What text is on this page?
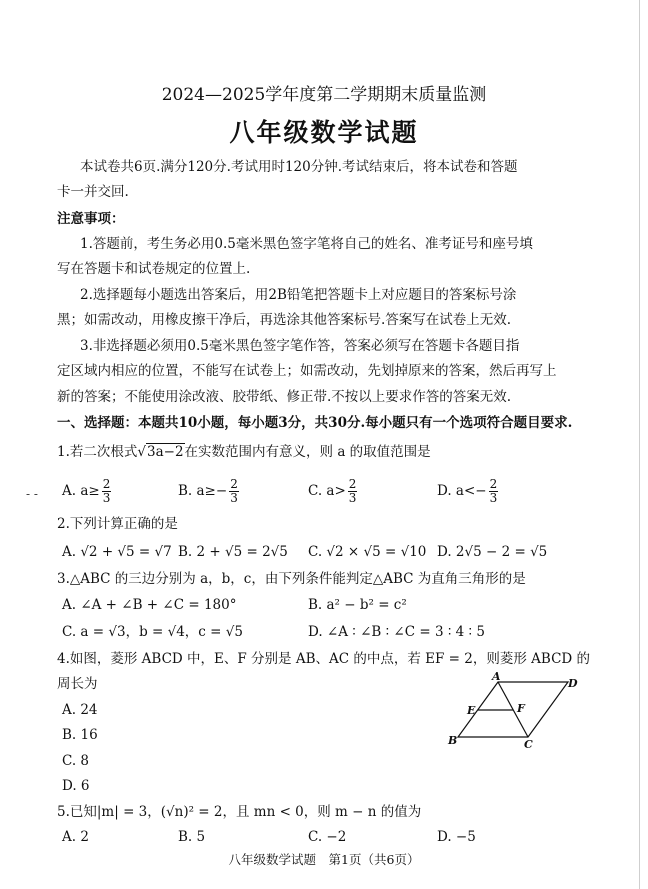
2024—2025学年度第二学期期末质量监测
八年级数学试题
本试卷共6页.满分120分.考试用时120分钟.考试结束后，将本试卷和答题
卡一并交回.
注意事项：
1.答题前，考生务必用0.5毫米黑色签字笔将自己的姓名、准考证号和座号填
写在答题卡和试卷规定的位置上.
2.选择题每小题选出答案后，用2B铅笔把答题卡上对应题目的答案标号涂
黑；如需改动，用橡皮擦干净后，再选涂其他答案标号.答案写在试卷上无效.
3.非选择题必须用0.5毫米黑色签字笔作答，答案必须写在答题卡各题目指
定区域内相应的位置，不能写在试卷上；如需改动，先划掉原来的答案，然后再写上
新的答案；不能使用涂改液、胶带纸、修正带.不按以上要求作答的答案无效.
一、选择题：本题共10小题，每小题3分，共30分.每小题只有一个选项符合题目要求.
1.若二次根式√3a−2在实数范围内有意义，则 a 的取值范围是
- - A. $a\ge \frac{2}{3}$	B. $a\ge- \frac{2}{3}$	C. $a> \frac{2}{3}$	D. $a<- \frac{2}{3}$
2.下列计算正确的是
A. √2 + √5 = √7 B. 2 + √5 = 2√5 C. √2 × √5 = √10 D. 2√5 − 2 = √5
3.△ABC 的三边分别为 a，b，c，由下列条件能判定△ABC 为直角三角形的是
A. ∠A + ∠B + ∠C = 180°	B. a² − b² = c²
C. a = √3，b = √4，c = √5	D. ∠A ∶ ∠B ∶ ∠C = 3 ∶ 4 ∶ 5
4.如图，菱形 ABCD 中，E、F 分别是 AB、AC 的中点，若 EF = 2，则菱形 ABCD 的
周长为
A. 24
B. 16
C. 8
D. 6
A
D
E	F
B	C
5.已知|m| = 3，(√n)² = 2，且 mn < 0，则 m − n 的值为
A. 2	B. 5	C. −2	D. −5
八年级数学试题　第1页（共6页）
